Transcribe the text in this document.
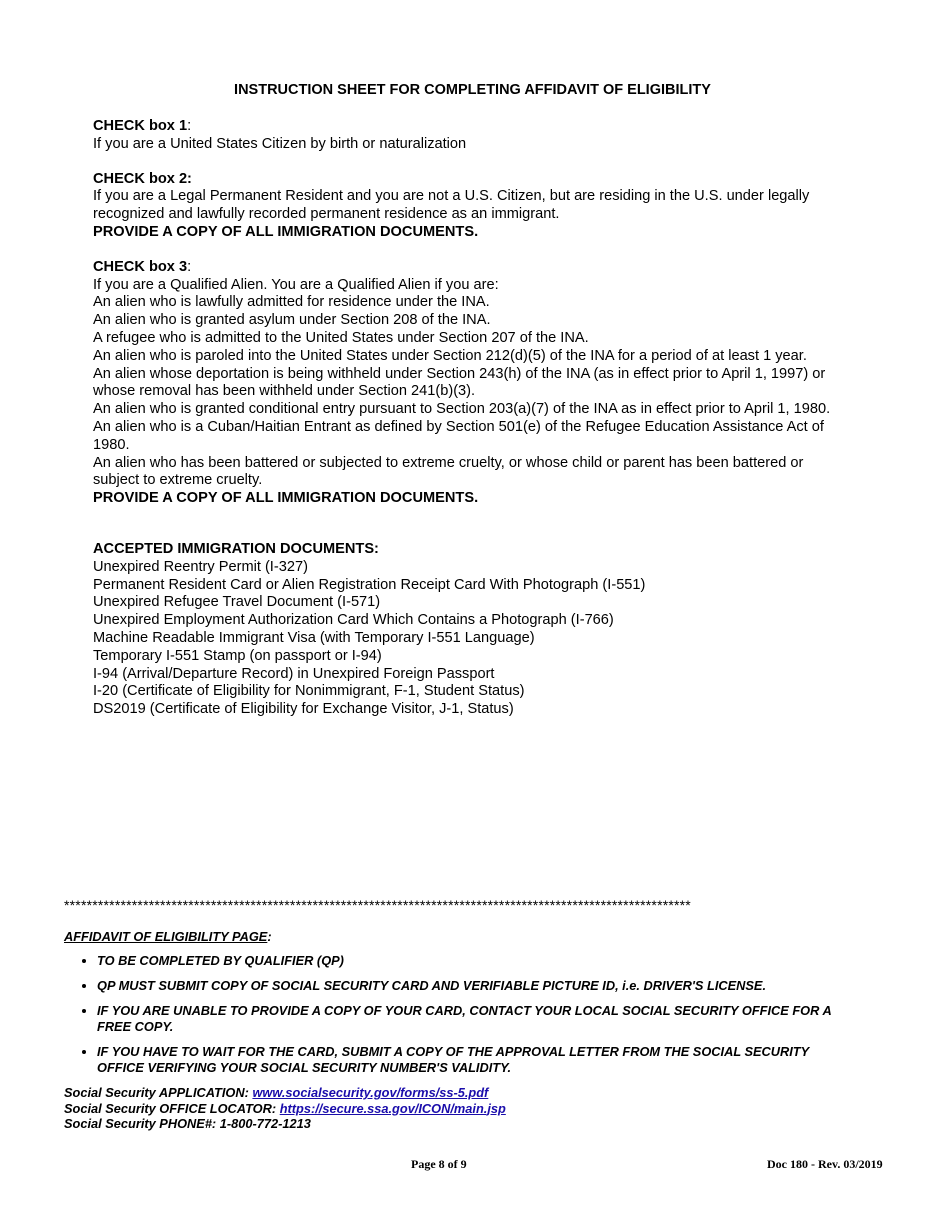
INSTRUCTION SHEET FOR COMPLETING AFFIDAVIT OF ELIGIBILITY

CHECK box 1:

If you are a United States Citizen by birth or naturalization

CHECK box 2:

If you are a Legal Permanent Resident and you are not a U.S. Citizen, but are residing in the U.S. under legally recognized and lawfully recorded permanent residence as an immigrant.

PROVIDE A COPY OF ALL IMMIGRATION DOCUMENTS.

CHECK box 3:

If you are a Qualified Alien. You are a Qualified Alien if you are:

An alien who is lawfully admitted for residence under the INA.

An alien who is granted asylum under Section 208 of the INA.

A refugee who is admitted to the United States under Section 207 of the INA.

An alien who is paroled into the United States under Section 212(d)(5) of the INA for a period of at least 1 year.

An alien whose deportation is being withheld under Section 243(h) of the INA (as in effect prior to April 1, 1997) or whose removal has been withheld under Section 241(b)(3).

An alien who is granted conditional entry pursuant to Section 203(a)(7) of the INA as in effect prior to April 1, 1980.

An alien who is a Cuban/Haitian Entrant as defined by Section 501(e) of the Refugee Education Assistance Act of 1980.

An alien who has been battered or subjected to extreme cruelty, or whose child or parent has been battered or subject to extreme cruelty.

PROVIDE A COPY OF ALL IMMIGRATION DOCUMENTS.

ACCEPTED IMMIGRATION DOCUMENTS:

Unexpired Reentry Permit (I-327)

Permanent Resident Card or Alien Registration Receipt Card With Photograph (I-551)

Unexpired Refugee Travel Document (I-571)

Unexpired Employment Authorization Card Which Contains a Photograph (I-766)

Machine Readable Immigrant Visa (with Temporary I-551 Language)

Temporary I-551 Stamp (on passport or I-94)

I-94 (Arrival/Departure Record) in Unexpired Foreign Passport

I-20 (Certificate of Eligibility for Nonimmigrant, F-1, Student Status)

DS2019 (Certificate of Eligibility for Exchange Visitor, J-1, Status)

***************************************************************************************************************

AFFIDAVIT OF ELIGIBILITY PAGE:

• TO BE COMPLETED BY QUALIFIER (QP)
• QP MUST SUBMIT COPY OF SOCIAL SECURITY CARD AND VERIFIABLE PICTURE ID, i.e. DRIVER'S LICENSE.
• IF YOU ARE UNABLE TO PROVIDE A COPY OF YOUR CARD, CONTACT YOUR LOCAL SOCIAL SECURITY OFFICE FOR A FREE COPY.
• IF YOU HAVE TO WAIT FOR THE CARD, SUBMIT A COPY OF THE APPROVAL LETTER FROM THE SOCIAL SECURITY OFFICE VERIFYING YOUR SOCIAL SECURITY NUMBER'S VALIDITY.

Social Security APPLICATION: www.socialsecurity.gov/forms/ss-5.pdf

Social Security OFFICE LOCATOR: https://secure.ssa.gov/ICON/main.jsp

Social Security PHONE#: 1-800-772-1213

Page 8 of 9	Doc 180 - Rev. 03/2019
